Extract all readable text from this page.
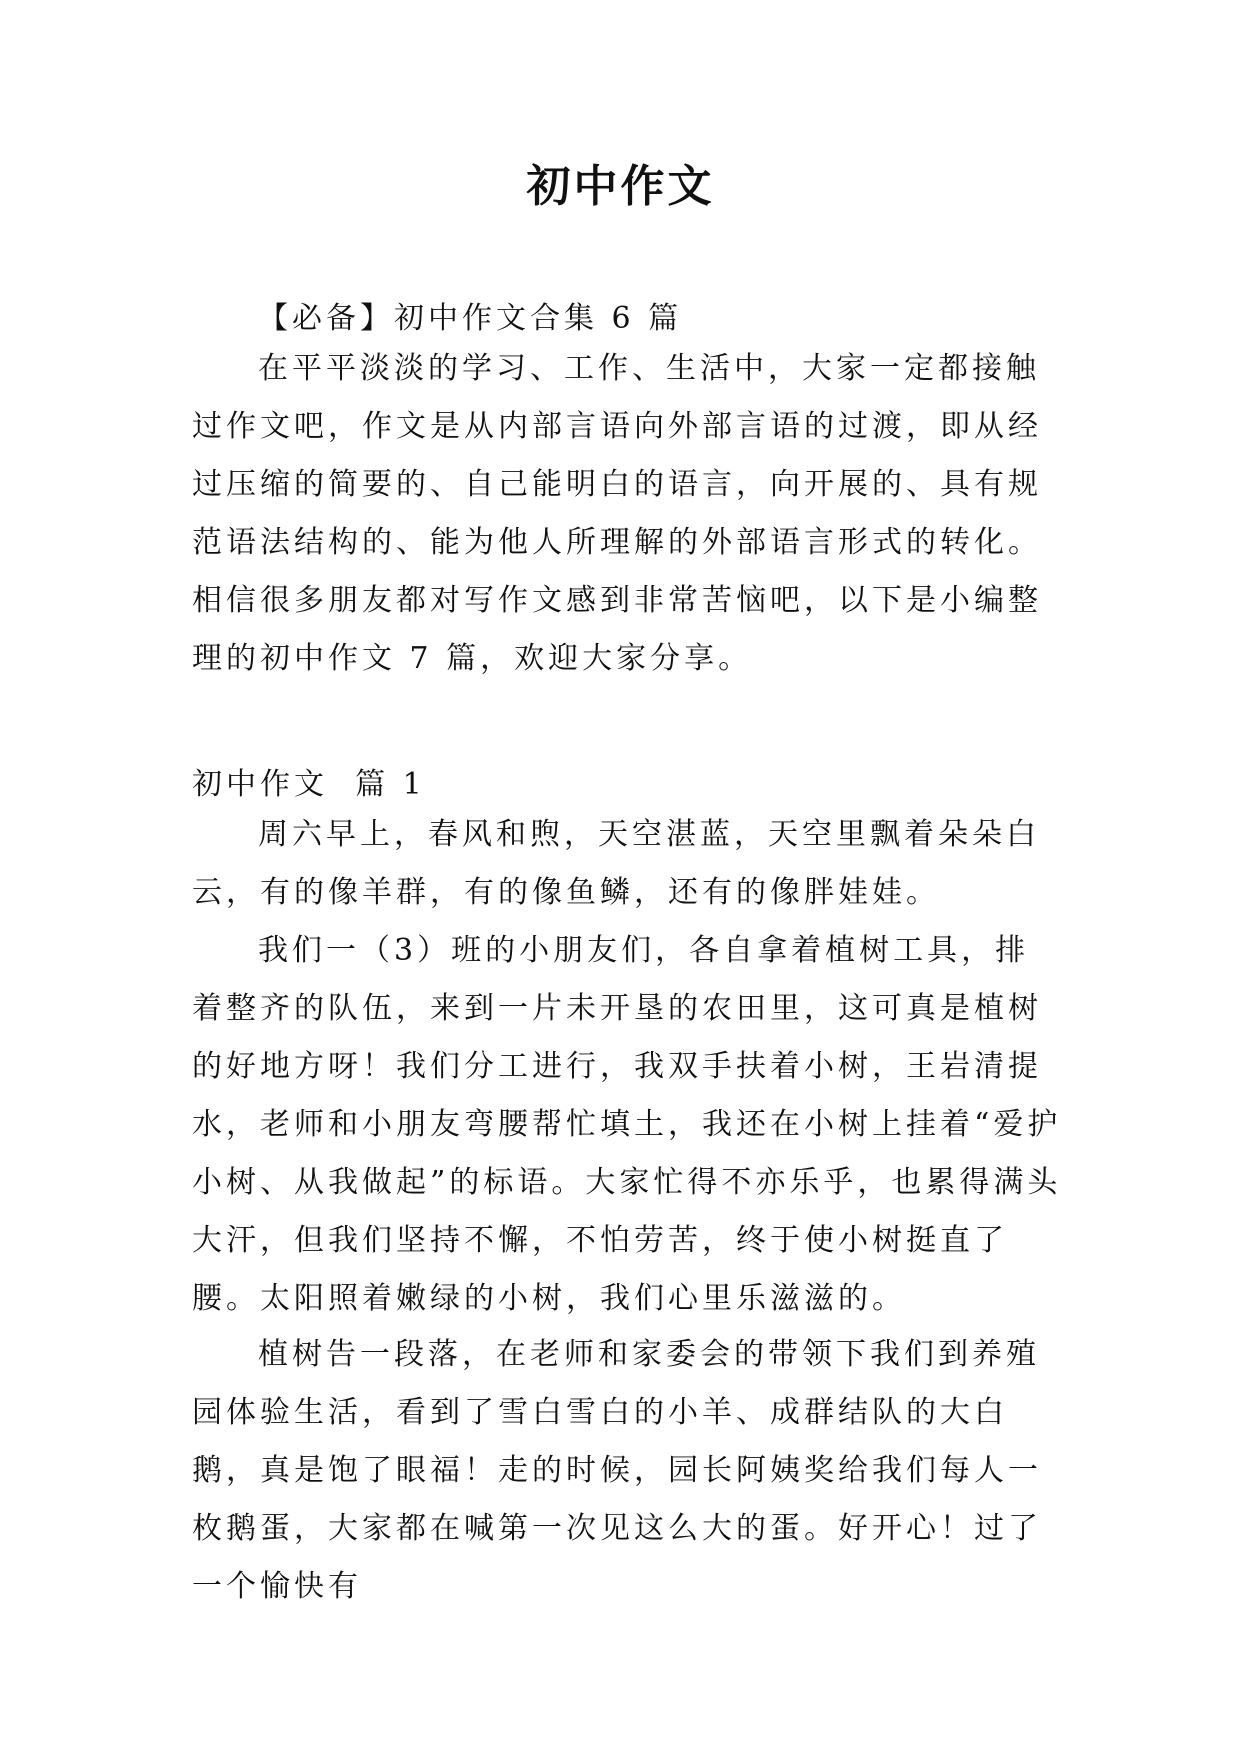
初中作文

【必备】初中作文合集 6 篇

在平平淡淡的学习、工作、生活中，大家一定都接触过作文吧，作文是从内部言语向外部言语的过渡，即从经过压缩的简要的、自己能明白的语言，向开展的、具有规范语法结构的、能为他人所理解的外部语言形式的转化。相信很多朋友都对写作文感到非常苦恼吧，以下是小编整理的初中作文 7 篇，欢迎大家分享。

初中作文  篇 1

周六早上，春风和煦，天空湛蓝，天空里飘着朵朵白云，有的像羊群，有的像鱼鳞，还有的像胖娃娃。

我们一（3）班的小朋友们，各自拿着植树工具，排着整齐的队伍，来到一片未开垦的农田里，这可真是植树的好地方呀！我们分工进行，我双手扶着小树，王岩清提水，老师和小朋友弯腰帮忙填土，我还在小树上挂着“爱护小树、从我做起”的标语。大家忙得不亦乐乎，也累得满头大汗，但我们坚持不懈，不怕劳苦，终于使小树挺直了腰。太阳照着嫩绿的小树，我们心里乐滋滋的。

植树告一段落，在老师和家委会的带领下我们到养殖园体验生活，看到了雪白雪白的小羊、成群结队的大白鹅，真是饱了眼福！走的时候，园长阿姨奖给我们每人一枚鹅蛋，大家都在喊第一次见这么大的蛋。好开心！过了一个愉快有
